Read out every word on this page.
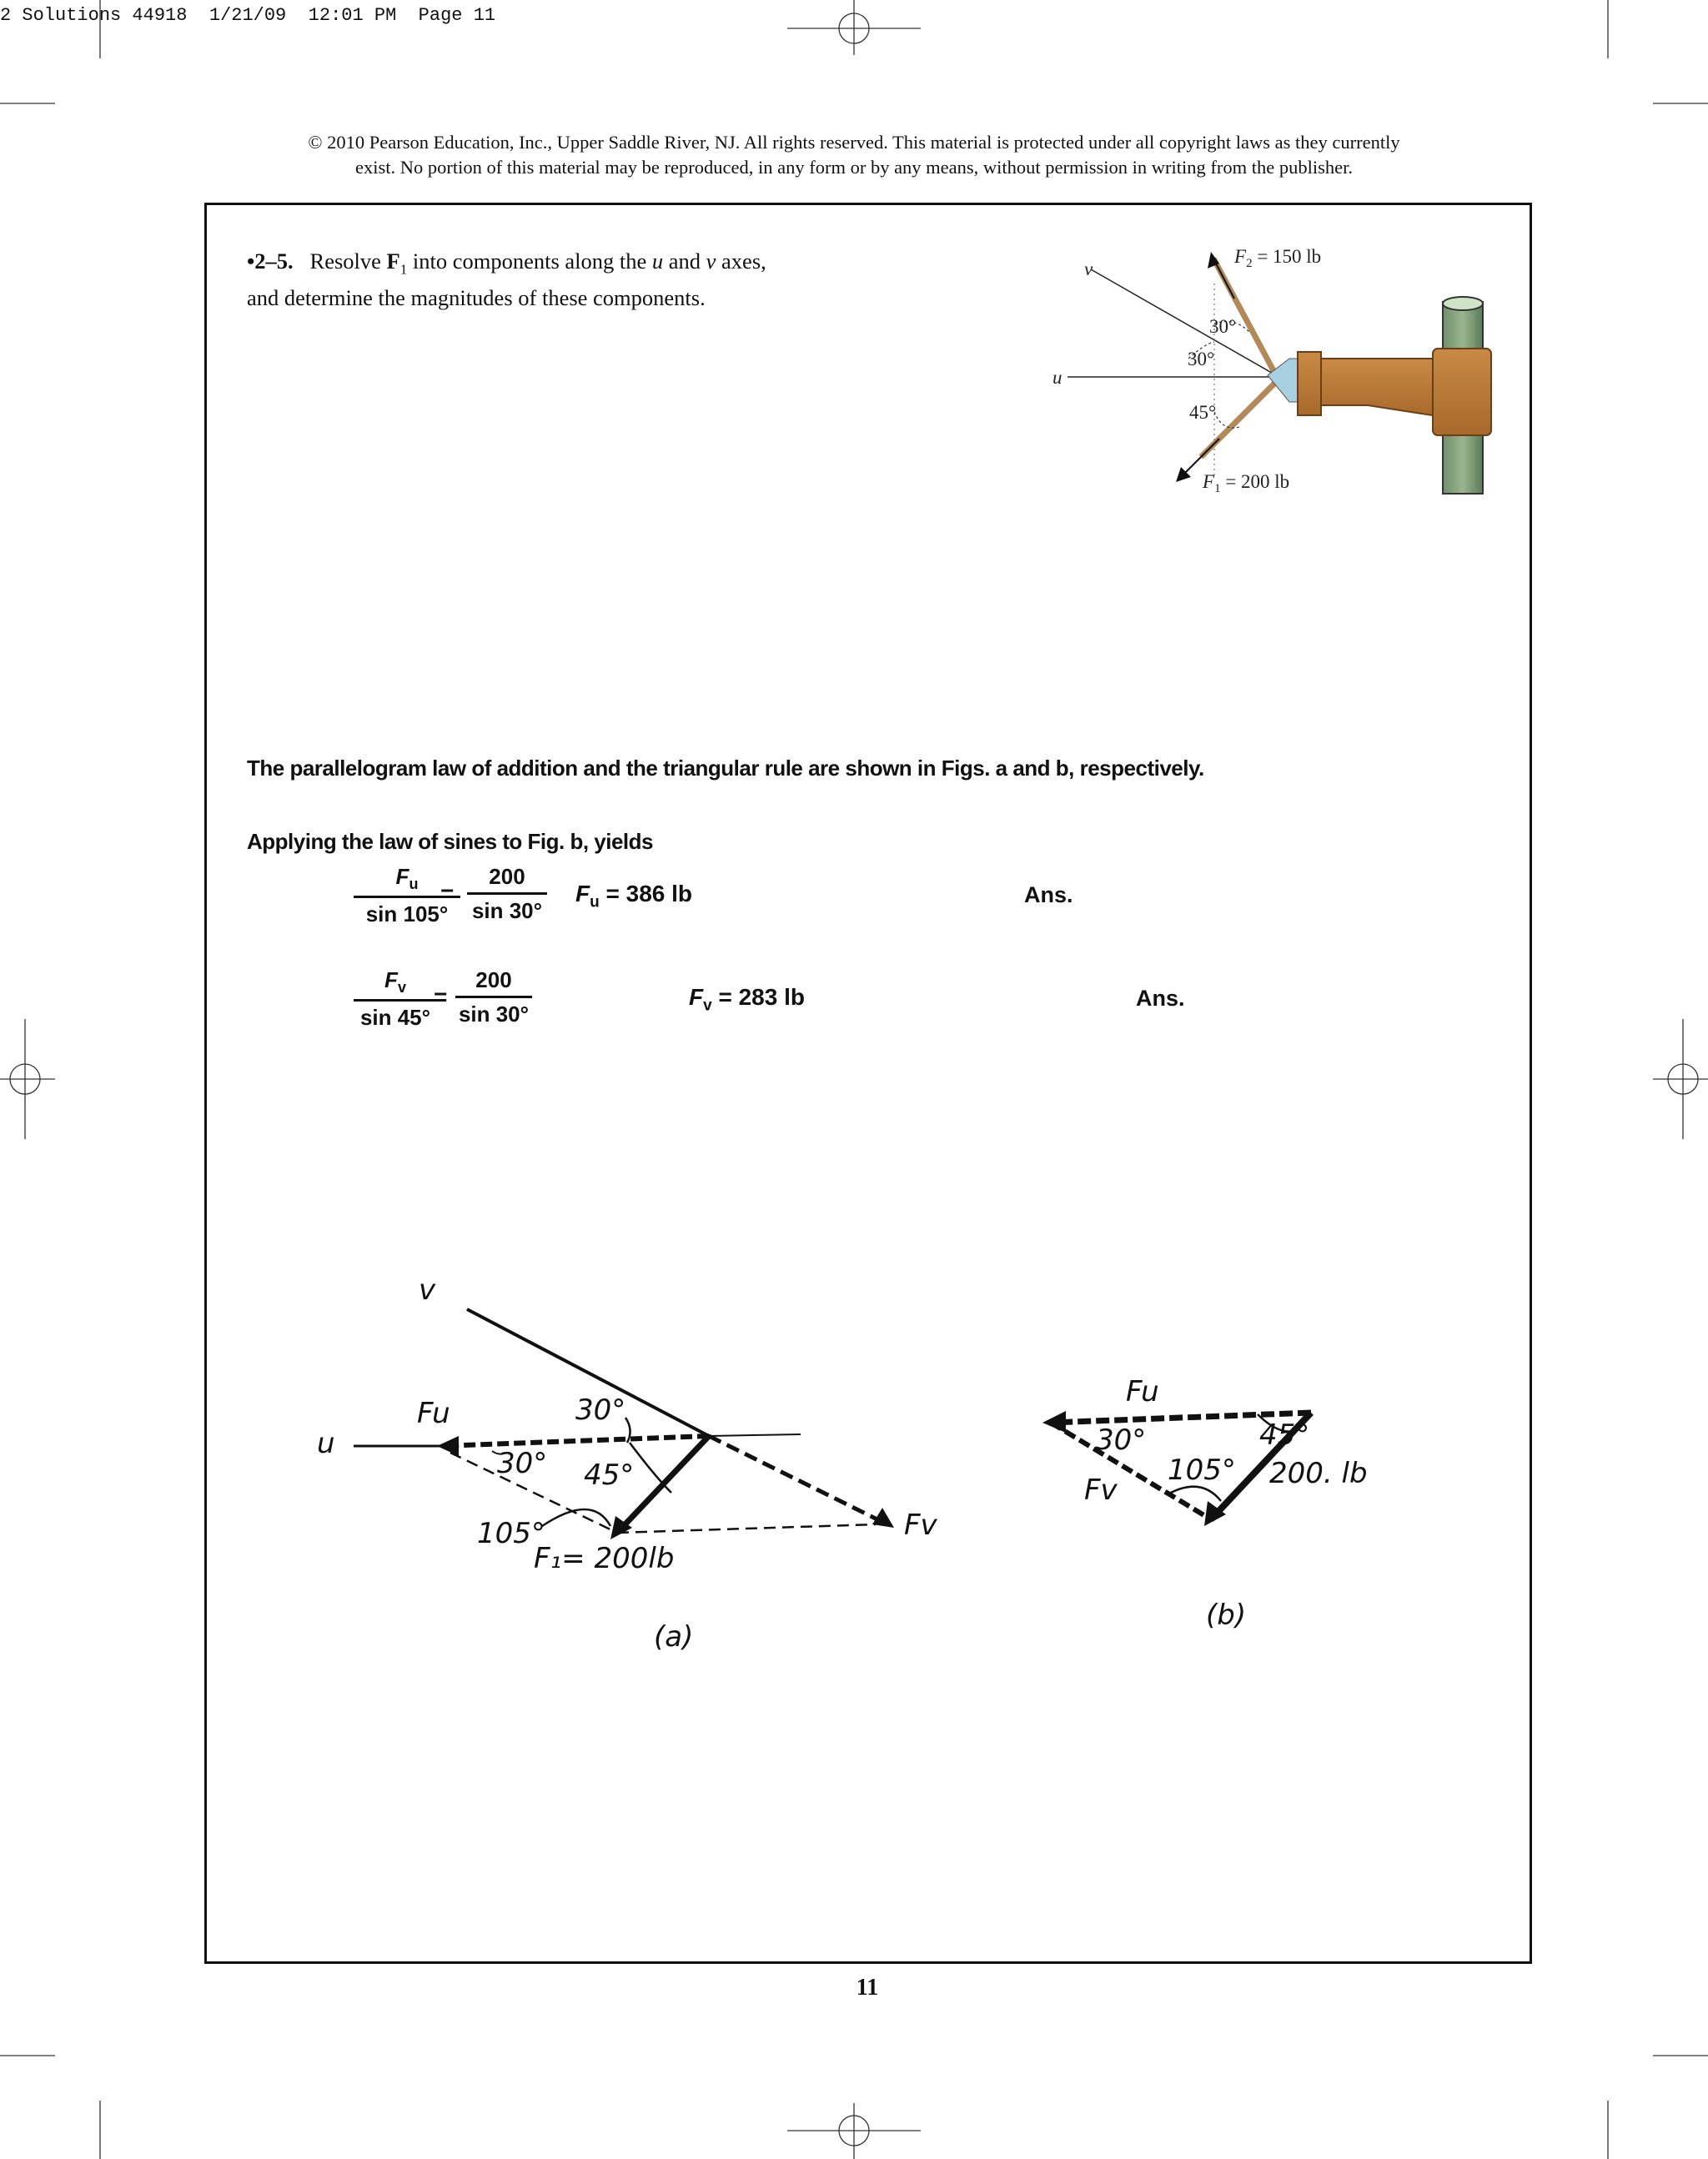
2 Solutions 44918  1/21/09  12:01 PM  Page 11
© 2010 Pearson Education, Inc., Upper Saddle River, NJ. All rights reserved. This material is protected under all copyright laws as they currently
exist. No portion of this material may be reproduced, in any form or by any means, without permission in writing from the publisher.
•2–5. Resolve $F_1$ into components along the u and v axes,
and determine the magnitudes of these components.
v
u
$F_2 = 150$ lb
$F_1 = 200$ lb
30°
30°
45°
The parallelogram law of addition and the triangular rule are shown in Figs. a and b, respectively.
Applying the law of sines to Fig. b, yields
$F_u$
sin 105°
=
200
sin 30°
$F_u = 386$ lb	Ans.
$F_v$
sin 45°
=
200
sin 30°
$F_v = 283$ lb	Ans.
v
u
Fu
Fv
30°
30° 45°
105°
F₁= 200lb
(a)
Fu
Fv
30°	45°
105° 200. lb
(b)
11
